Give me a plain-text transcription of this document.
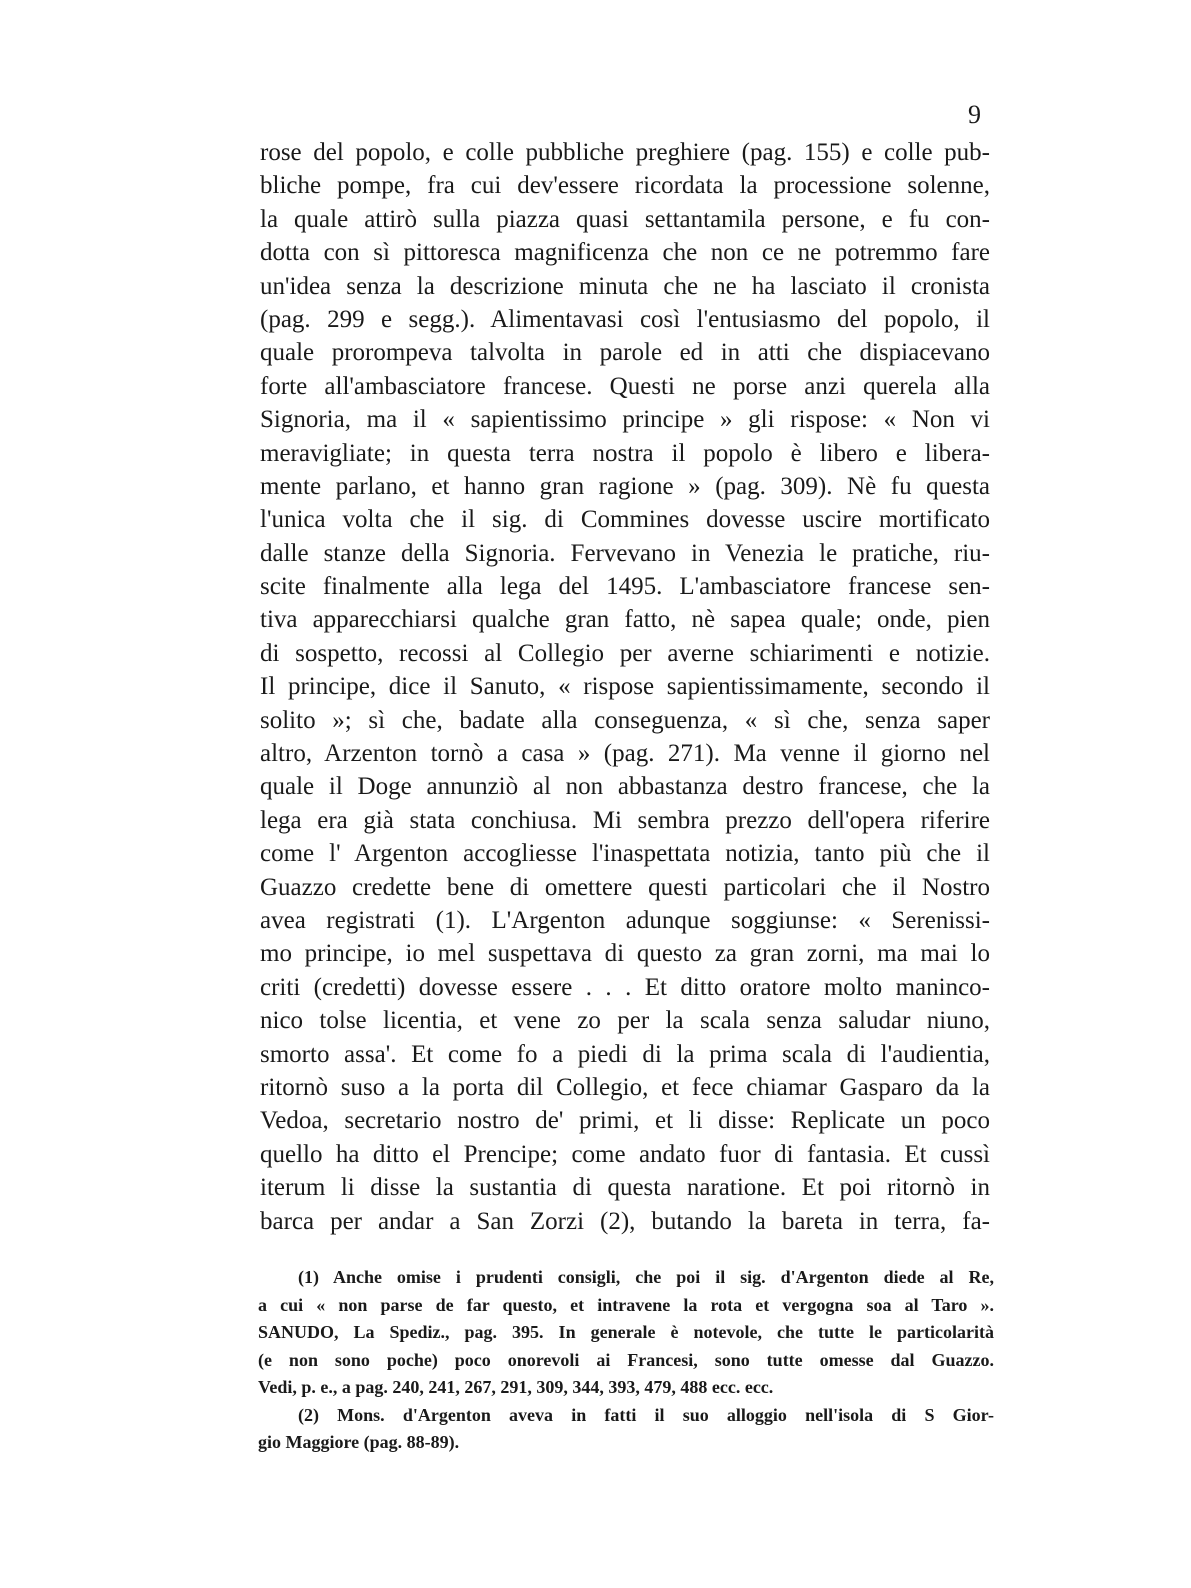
9
rose del popolo, e colle pubbliche preghiere (pag. 155) e colle pub-
bliche pompe, fra cui dev'essere ricordata la processione solenne,
la quale attirò sulla piazza quasi settantamila persone, e fu con-
dotta con sì pittoresca magnificenza che non ce ne potremmo fare
un'idea senza la descrizione minuta che ne ha lasciato il cronista
(pag. 299 e segg.). Alimentavasi così l'entusiasmo del popolo, il
quale prorompeva talvolta in parole ed in atti che dispiacevano
forte all'ambasciatore francese. Questi ne porse anzi querela alla
Signoria, ma il « sapientissimo principe » gli rispose: « Non vi
meravigliate; in questa terra nostra il popolo è libero e libera-
mente parlano, et hanno gran ragione » (pag. 309). Nè fu questa
l'unica volta che il sig. di Commines dovesse uscire mortificato
dalle stanze della Signoria. Fervevano in Venezia le pratiche, riu-
scite finalmente alla lega del 1495. L'ambasciatore francese sen-
tiva apparecchiarsi qualche gran fatto, nè sapea quale; onde, pien
di sospetto, recossi al Collegio per averne schiarimenti e notizie.
Il principe, dice il Sanuto, « rispose sapientissimamente, secondo il
solito »; sì che, badate alla conseguenza, « sì che, senza saper
altro, Arzenton tornò a casa » (pag. 271). Ma venne il giorno nel
quale il Doge annunziò al non abbastanza destro francese, che la
lega era già stata conchiusa. Mi sembra prezzo dell'opera riferire
come l' Argenton accogliesse l'inaspettata notizia, tanto più che il
Guazzo credette bene di omettere questi particolari che il Nostro
avea registrati (1). L'Argenton adunque soggiunse: « Serenissi-
mo principe, io mel suspettava di questo za gran zorni, ma mai lo
criti (credetti) dovesse essere . . . Et ditto oratore molto maninco-
nico tolse licentia, et vene zo per la scala senza saludar niuno,
smorto assa'. Et come fo a piedi di la prima scala di l'audientia,
ritornò suso a la porta dil Collegio, et fece chiamar Gasparo da la
Vedoa, secretario nostro de' primi, et li disse: Replicate un poco
quello ha ditto el Prencipe; come andato fuor di fantasia. Et cussì
iterum li disse la sustantia di questa naratione. Et poi ritornò in
barca per andar a San Zorzi (2), butando la bareta in terra, fa-
(1) Anche omise i prudenti consigli, che poi il sig. d'Argenton diede al Re,
a cui « non parse de far questo, et intravene la rota et vergogna soa al Taro ».
SANUDO, La Spediz., pag. 395. In generale è notevole, che tutte le particolarità
(e non sono poche) poco onorevoli ai Francesi, sono tutte omesse dal Guazzo.
Vedi, p. e., a pag. 240, 241, 267, 291, 309, 344, 393, 479, 488 ecc. ecc.
(2) Mons. d'Argenton aveva in fatti il suo alloggio nell'isola di S Gior-
gio Maggiore (pag. 88-89).
